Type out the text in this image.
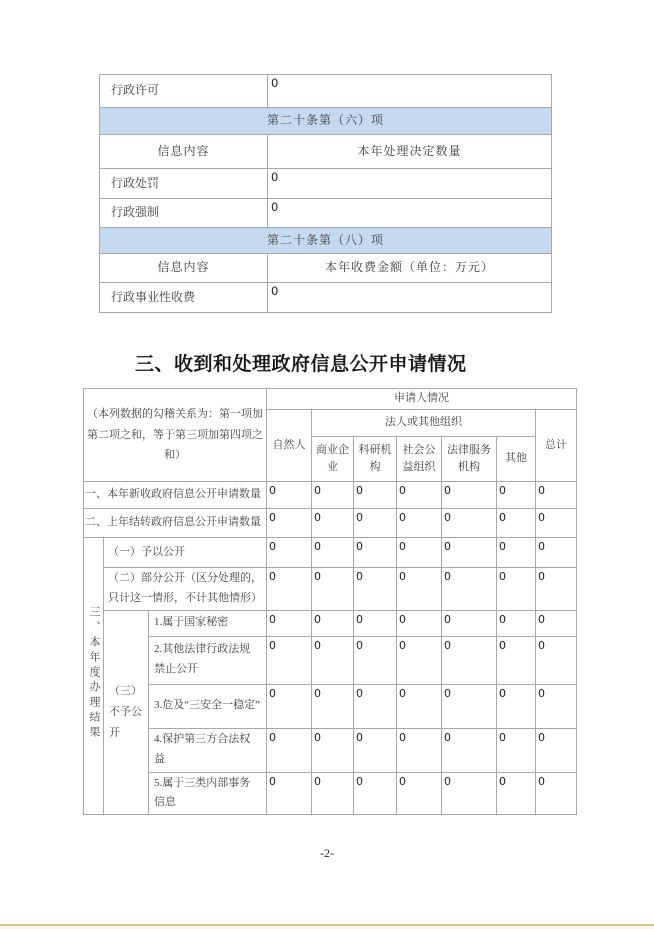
行政许可	0
第二十条第（六）项	
信息内容	本年处理决定数量
行政处罚	0
行政强制	0
第二十条第（八）项	
信息内容	本年收费金额（单位：万元）
行政事业性收费	0
三、收到和处理政府信息公开申请情况
（本列数据的勾稽关系为：第一项加第二项之和，等于第三项加第四项之和）			申请人情况						
			自然人	法人或其他组织					总计
				商业企业	科研机构	社会公益组织	法律服务机构	其他	
一、本年新收政府信息公开申请数量			0	0	0	0	0	0	0
二、上年结转政府信息公开申请数量			0	0	0	0	0	0	0
三、本年度办理结果	（一）予以公开		0	0	0	0	0	0	0
	（二）部分公开（区分处理的，只计这一情形，不计其他情形）		0	0	0	0	0	0	0
	（三）不予公开	1.属于国家秘密	0	0	0	0	0	0	0
		2.其他法律行政法规禁止公开	0	0	0	0	0	0	0
		3.危及“三安全一稳定”	0	0	0	0	0	0	0
		4.保护第三方合法权益	0	0	0	0	0	0	0
		5.属于三类内部事务信息	0	0	0	0	0	0	0
-2-
